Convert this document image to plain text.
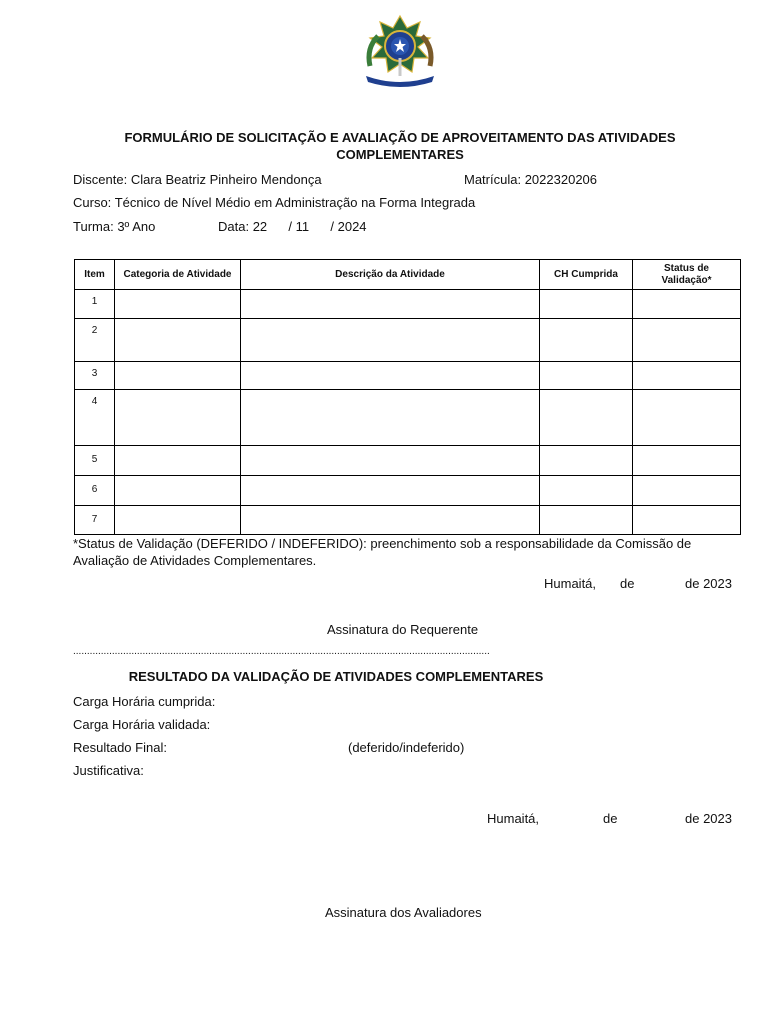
FORMULÁRIO DE SOLICITAÇÃO E AVALIAÇÃO DE APROVEITAMENTO DAS ATIVIDADES COMPLEMENTARES
Discente: Clara Beatriz Pinheiro Mendonça	Matrícula: 2022320206
Curso: Técnico de Nível Médio em Administração na Forma Integrada
Turma: 3º Ano	Data: 22 / 11 / 2024
Item	Categoria de Atividade	Descrição da Atividade	CH Cumprida	Status de Validação*
1				
2				
3				
4				
5				
6				
7				
*Status de Validação (DEFERIDO / INDEFERIDO): preenchimento sob a responsabilidade da Comissão de Avaliação de Atividades Complementares.
Humaitá, de	de 2023
Assinatura do Requerente
......................................................................................................................................................
RESULTADO DA VALIDAÇÃO DE ATIVIDADES COMPLEMENTARES
Carga Horária cumprida:
Carga Horária validada:
Resultado Final:	(deferido/indeferido)
Justificativa:
Humaitá,	de	de 2023
Assinatura dos Avaliadores
